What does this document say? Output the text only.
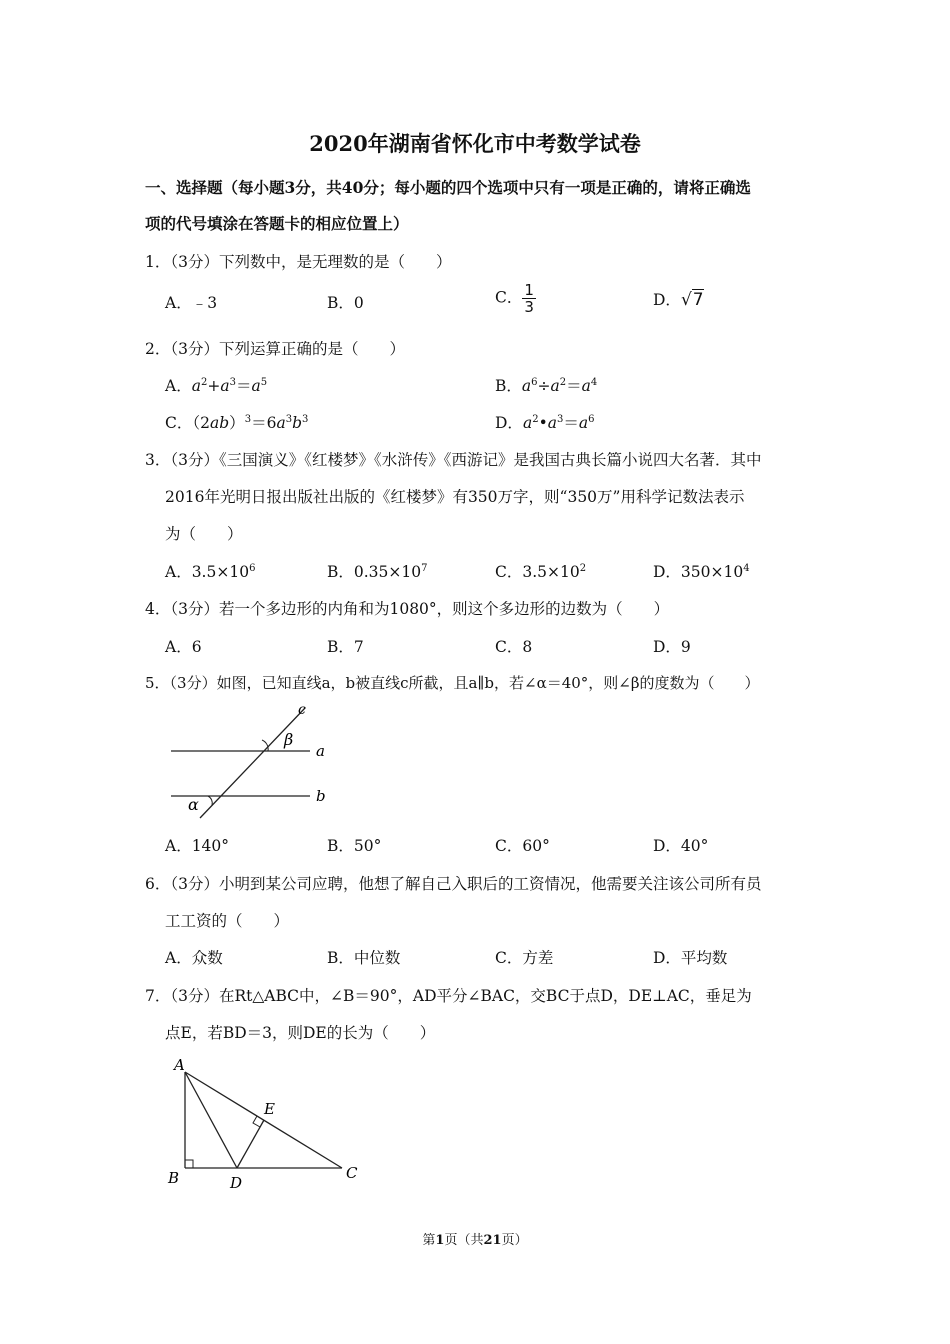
2020年湖南省怀化市中考数学试卷
一、选择题（每小题3分，共40分；每小题的四个选项中只有一项是正确的，请将正确选
项的代号填涂在答题卡的相应位置上）
1．（3分）下列数中，是无理数的是（　　）
A．﹣3	B．0	C． $\frac{1}{3}$	D．√7
2．（3分）下列运算正确的是（　　）
A．$a^2+a^3=a^5$	B．$a^6\div a^2=a^4$
C．$(2ab)^3=6a^3b^3$	D．$a^2•a^3=a^6$
3．（3分）《三国演义》《红楼梦》《水浒传》《西游记》是我国古典长篇小说四大名著．其中
2016年光明日报出版社出版的《红楼梦》有350万字，则“350万”用科学记数法表示
为（　　）
A．$3.5\times 10^6$	B．$0.35\times 10^7$	C．$3.5\times 10^2$	D．$350\times 10^4$
4．（3分）若一个多边形的内角和为1080°，则这个多边形的边数为（　　）
A．6	B．7	C．8	D．9
5．（3分）如图，已知直线a，b被直线c所截，且a∥b，若∠α＝40°，则∠β的度数为（　　）
c
β
a
b
α
A．140°	B．50°	C．60°	D．40°
6．（3分）小明到某公司应聘，他想了解自己入职后的工资情况，他需要关注该公司所有员
工工资的（　　）
A．众数	B．中位数	C．方差	D．平均数
7．（3分）在Rt△ABC中，∠B＝90°，AD平分∠BAC，交BC于点D，DE⊥AC，垂足为
点E，若BD＝3，则DE的长为（　　）
A
B	C
D
E
第1页（共21页）
